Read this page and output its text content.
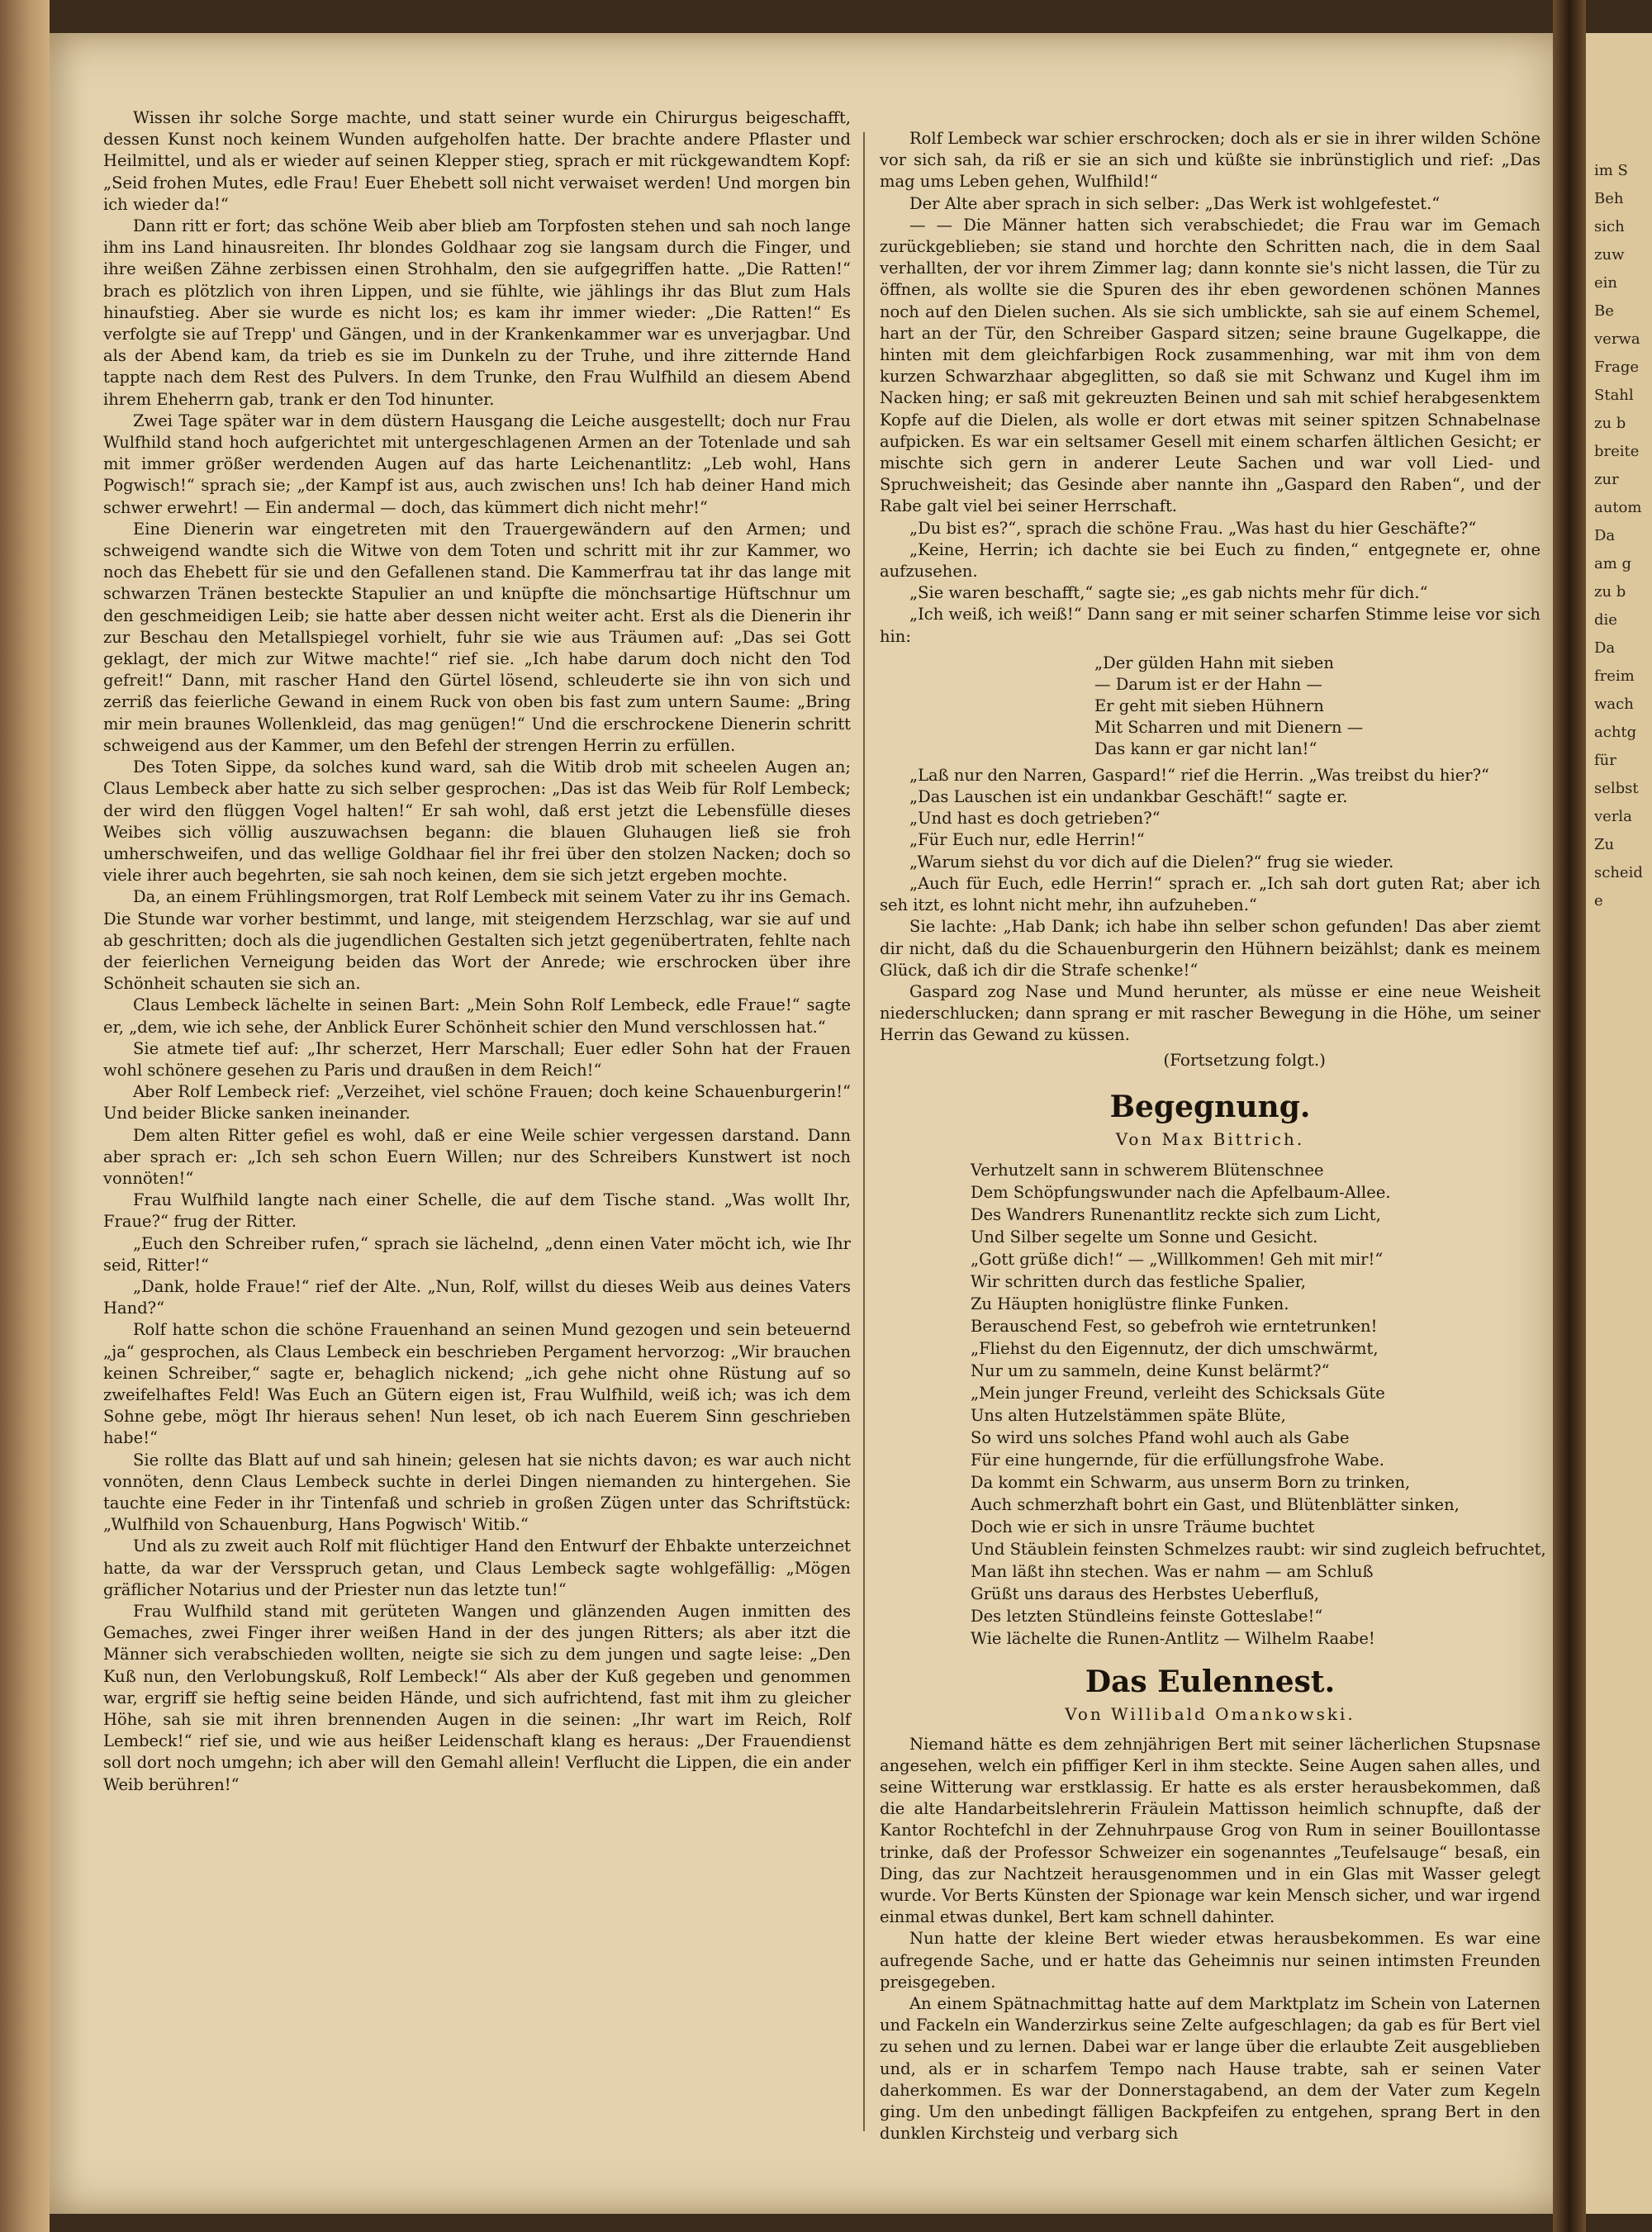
im S
Beh
sich
zuw
ein
Be
verwa
Frage
Stahl
zu b
breite
zur
autom
Da
am g
zu b
die
Da
freim
wach
achtg
für
selbst
verla
Zu
scheid
e

Wissen ihr solche Sorge machte, und statt seiner wurde ein Chirurgus beigeschafft, dessen Kunst noch keinem Wunden aufgeholfen hatte. Der brachte andere Pflaster und Heilmittel, und als er wieder auf seinen Klepper stieg, sprach er mit rückgewandtem Kopf: „Seid frohen Mutes, edle Frau! Euer Ehebett soll nicht verwaiset werden! Und morgen bin ich wieder da!“

Dann ritt er fort; das schöne Weib aber blieb am Torpfosten stehen und sah noch lange ihm ins Land hinausreiten. Ihr blondes Goldhaar zog sie langsam durch die Finger, und ihre weißen Zähne zerbissen einen Strohhalm, den sie aufgegriffen hatte. „Die Ratten!“ brach es plötzlich von ihren Lippen, und sie fühlte, wie jählings ihr das Blut zum Hals hinaufstieg. Aber sie wurde es nicht los; es kam ihr immer wieder: „Die Ratten!“ Es verfolgte sie auf Trepp' und Gängen, und in der Krankenkammer war es unverjagbar. Und als der Abend kam, da trieb es sie im Dunkeln zu der Truhe, und ihre zitternde Hand tappte nach dem Rest des Pulvers. In dem Trunke, den Frau Wulfhild an diesem Abend ihrem Eheherrn gab, trank er den Tod hinunter.

Zwei Tage später war in dem düstern Hausgang die Leiche ausgestellt; doch nur Frau Wulfhild stand hoch aufgerichtet mit untergeschlagenen Armen an der Totenlade und sah mit immer größer werdenden Augen auf das harte Leichenantlitz: „Leb wohl, Hans Pogwisch!“ sprach sie; „der Kampf ist aus, auch zwischen uns! Ich hab deiner Hand mich schwer erwehrt! — Ein andermal — doch, das kümmert dich nicht mehr!“

Eine Dienerin war eingetreten mit den Trauergewändern auf den Armen; und schweigend wandte sich die Witwe von dem Toten und schritt mit ihr zur Kammer, wo noch das Ehebett für sie und den Gefallenen stand. Die Kammerfrau tat ihr das lange mit schwarzen Tränen besteckte Stapulier an und knüpfte die mönchsartige Hüftschnur um den geschmeidigen Leib; sie hatte aber dessen nicht weiter acht. Erst als die Dienerin ihr zur Beschau den Metallspiegel vorhielt, fuhr sie wie aus Träumen auf: „Das sei Gott geklagt, der mich zur Witwe machte!“ rief sie. „Ich habe darum doch nicht den Tod gefreit!“ Dann, mit rascher Hand den Gürtel lösend, schleuderte sie ihn von sich und zerriß das feierliche Gewand in einem Ruck von oben bis fast zum untern Saume: „Bring mir mein braunes Wollenkleid, das mag genügen!“ Und die erschrockene Dienerin schritt schweigend aus der Kammer, um den Befehl der strengen Herrin zu erfüllen.

Des Toten Sippe, da solches kund ward, sah die Witib drob mit scheelen Augen an; Claus Lembeck aber hatte zu sich selber gesprochen: „Das ist das Weib für Rolf Lembeck; der wird den flüggen Vogel halten!“ Er sah wohl, daß erst jetzt die Lebensfülle dieses Weibes sich völlig auszuwachsen begann: die blauen Gluhaugen ließ sie froh umherschweifen, und das wellige Goldhaar fiel ihr frei über den stolzen Nacken; doch so viele ihrer auch begehrten, sie sah noch keinen, dem sie sich jetzt ergeben mochte.

Da, an einem Frühlingsmorgen, trat Rolf Lembeck mit seinem Vater zu ihr ins Gemach. Die Stunde war vorher bestimmt, und lange, mit steigendem Herzschlag, war sie auf und ab geschritten; doch als die jugendlichen Gestalten sich jetzt gegenübertraten, fehlte nach der feierlichen Verneigung beiden das Wort der Anrede; wie erschrocken über ihre Schönheit schauten sie sich an.

Claus Lembeck lächelte in seinen Bart: „Mein Sohn Rolf Lembeck, edle Fraue!“ sagte er, „dem, wie ich sehe, der Anblick Eurer Schönheit schier den Mund verschlossen hat.“

Sie atmete tief auf: „Ihr scherzet, Herr Marschall; Euer edler Sohn hat der Frauen wohl schönere gesehen zu Paris und draußen in dem Reich!“

Aber Rolf Lembeck rief: „Verzeihet, viel schöne Frauen; doch keine Schauenburgerin!“ Und beider Blicke sanken ineinander.

Dem alten Ritter gefiel es wohl, daß er eine Weile schier vergessen darstand. Dann aber sprach er: „Ich seh schon Euern Willen; nur des Schreibers Kunstwert ist noch vonnöten!“

Frau Wulfhild langte nach einer Schelle, die auf dem Tische stand. „Was wollt Ihr, Fraue?“ frug der Ritter.

„Euch den Schreiber rufen,“ sprach sie lächelnd, „denn einen Vater möcht ich, wie Ihr seid, Ritter!“

„Dank, holde Fraue!“ rief der Alte. „Nun, Rolf, willst du dieses Weib aus deines Vaters Hand?“

Rolf hatte schon die schöne Frauenhand an seinen Mund gezogen und sein beteuernd „ja“ gesprochen, als Claus Lembeck ein beschrieben Pergament hervorzog: „Wir brauchen keinen Schreiber,“ sagte er, behaglich nickend; „ich gehe nicht ohne Rüstung auf so zweifelhaftes Feld! Was Euch an Gütern eigen ist, Frau Wulfhild, weiß ich; was ich dem Sohne gebe, mögt Ihr hieraus sehen! Nun leset, ob ich nach Euerem Sinn geschrieben habe!“

Sie rollte das Blatt auf und sah hinein; gelesen hat sie nichts davon; es war auch nicht vonnöten, denn Claus Lembeck suchte in derlei Dingen niemanden zu hintergehen. Sie tauchte eine Feder in ihr Tintenfaß und schrieb in großen Zügen unter das Schriftstück: „Wulfhild von Schauenburg, Hans Pogwisch' Witib.“

Und als zu zweit auch Rolf mit flüchtiger Hand den Entwurf der Ehbakte unterzeichnet hatte, da war der Versspruch getan, und Claus Lembeck sagte wohlgefällig: „Mögen gräflicher Notarius und der Priester nun das letzte tun!“

Frau Wulfhild stand mit gerüteten Wangen und glänzenden Augen inmitten des Gemaches, zwei Finger ihrer weißen Hand in der des jungen Ritters; als aber itzt die Männer sich verabschieden wollten, neigte sie sich zu dem jungen und sagte leise: „Den Kuß nun, den Verlobungskuß, Rolf Lembeck!“ Als aber der Kuß gegeben und genommen war, ergriff sie heftig seine beiden Hände, und sich aufrichtend, fast mit ihm zu gleicher Höhe, sah sie mit ihren brennenden Augen in die seinen: „Ihr wart im Reich, Rolf Lembeck!“ rief sie, und wie aus heißer Leidenschaft klang es heraus: „Der Frauendienst soll dort noch umgehn; ich aber will den Gemahl allein! Verflucht die Lippen, die ein ander Weib berühren!“

Rolf Lembeck war schier erschrocken; doch als er sie in ihrer wilden Schöne vor sich sah, da riß er sie an sich und küßte sie inbrünstiglich und rief: „Das mag ums Leben gehen, Wulfhild!“

Der Alte aber sprach in sich selber: „Das Werk ist wohlgefestet.“

— — Die Männer hatten sich verabschiedet; die Frau war im Gemach zurückgeblieben; sie stand und horchte den Schritten nach, die in dem Saal verhallten, der vor ihrem Zimmer lag; dann konnte sie's nicht lassen, die Tür zu öffnen, als wollte sie die Spuren des ihr eben gewordenen schönen Mannes noch auf den Dielen suchen. Als sie sich umblickte, sah sie auf einem Schemel, hart an der Tür, den Schreiber Gaspard sitzen; seine braune Gugelkappe, die hinten mit dem gleichfarbigen Rock zusammenhing, war mit ihm von dem kurzen Schwarzhaar abgeglitten, so daß sie mit Schwanz und Kugel ihm im Nacken hing; er saß mit gekreuzten Beinen und sah mit schief herabgesenktem Kopfe auf die Dielen, als wolle er dort etwas mit seiner spitzen Schnabelnase aufpicken. Es war ein seltsamer Gesell mit einem scharfen ältlichen Gesicht; er mischte sich gern in anderer Leute Sachen und war voll Lied- und Spruchweisheit; das Gesinde aber nannte ihn „Gaspard den Raben“, und der Rabe galt viel bei seiner Herrschaft.

„Du bist es?“, sprach die schöne Frau. „Was hast du hier Geschäfte?“

„Keine, Herrin; ich dachte sie bei Euch zu finden,“ entgegnete er, ohne aufzusehen.

„Sie waren beschafft,“ sagte sie; „es gab nichts mehr für dich.“

„Ich weiß, ich weiß!“ Dann sang er mit seiner scharfen Stimme leise vor sich hin:

„Der gülden Hahn mit sieben
— Darum ist er der Hahn —
Er geht mit sieben Hühnern
Mit Scharren und mit Dienern —
Das kann er gar nicht lan!“

„Laß nur den Narren, Gaspard!“ rief die Herrin. „Was treibst du hier?“

„Das Lauschen ist ein undankbar Geschäft!“ sagte er.

„Und hast es doch getrieben?“

„Für Euch nur, edle Herrin!“

„Warum siehst du vor dich auf die Dielen?“ frug sie wieder.

„Auch für Euch, edle Herrin!“ sprach er. „Ich sah dort guten Rat; aber ich seh itzt, es lohnt nicht mehr, ihn aufzuheben.“

Sie lachte: „Hab Dank; ich habe ihn selber schon gefunden! Das aber ziemt dir nicht, daß du die Schauenburgerin den Hühnern beizählst; dank es meinem Glück, daß ich dir die Strafe schenke!“

Gaspard zog Nase und Mund herunter, als müsse er eine neue Weisheit niederschlucken; dann sprang er mit rascher Bewegung in die Höhe, um seiner Herrin das Gewand zu küssen.

(Fortsetzung folgt.)
Begegnung.
Von Max Bittrich.
Verhutzelt sann in schwerem Blütenschnee
Dem Schöpfungswunder nach die Apfelbaum-Allee.
Des Wandrers Runenantlitz reckte sich zum Licht,
Und Silber segelte um Sonne und Gesicht.
„Gott grüße dich!“ — „Willkommen! Geh mit mir!“
Wir schritten durch das festliche Spalier,
Zu Häupten honiglüstre flinke Funken.
Berauschend Fest, so gebefroh wie erntetrunken!
„Fliehst du den Eigennutz, der dich umschwärmt,
Nur um zu sammeln, deine Kunst belärmt?“
„Mein junger Freund, verleiht des Schicksals Güte
Uns alten Hutzelstämmen späte Blüte,
So wird uns solches Pfand wohl auch als Gabe
Für eine hungernde, für die erfüllungsfrohe Wabe.
Da kommt ein Schwarm, aus unserm Born zu trinken,
Auch schmerzhaft bohrt ein Gast, und Blütenblätter sinken,
Doch wie er sich in unsre Träume buchtet
Und Stäublein feinsten Schmelzes raubt: wir sind zugleich befruchtet,
Man läßt ihn stechen. Was er nahm — am Schluß
Grüßt uns daraus des Herbstes Ueberfluß,
Des letzten Stündleins feinste Gotteslabe!“
Wie lächelte die Runen-Antlitz — Wilhelm Raabe!
Das Eulennest.
Von Willibald Omankowski.

Niemand hätte es dem zehnjährigen Bert mit seiner lächerlichen Stupsnase angesehen, welch ein pfiffiger Kerl in ihm steckte. Seine Augen sahen alles, und seine Witterung war erstklassig. Er hatte es als erster herausbekommen, daß die alte Handarbeitslehrerin Fräulein Mattisson heimlich schnupfte, daß der Kantor Rochtefchl in der Zehnuhrpause Grog von Rum in seiner Bouillontasse trinke, daß der Professor Schweizer ein sogenanntes „Teufelsauge“ besaß, ein Ding, das zur Nachtzeit herausgenommen und in ein Glas mit Wasser gelegt wurde. Vor Berts Künsten der Spionage war kein Mensch sicher, und war irgend einmal etwas dunkel, Bert kam schnell dahinter.

Nun hatte der kleine Bert wieder etwas herausbekommen. Es war eine aufregende Sache, und er hatte das Geheimnis nur seinen intimsten Freunden preisgegeben.

An einem Spätnachmittag hatte auf dem Marktplatz im Schein von Laternen und Fackeln ein Wanderzirkus seine Zelte aufgeschlagen; da gab es für Bert viel zu sehen und zu lernen. Dabei war er lange über die erlaubte Zeit ausgeblieben und, als er in scharfem Tempo nach Hause trabte, sah er seinen Vater daherkommen. Es war der Donnerstagabend, an dem der Vater zum Kegeln ging. Um den unbedingt fälligen Backpfeifen zu entgehen, sprang Bert in den dunklen Kirchsteig und verbarg sich
